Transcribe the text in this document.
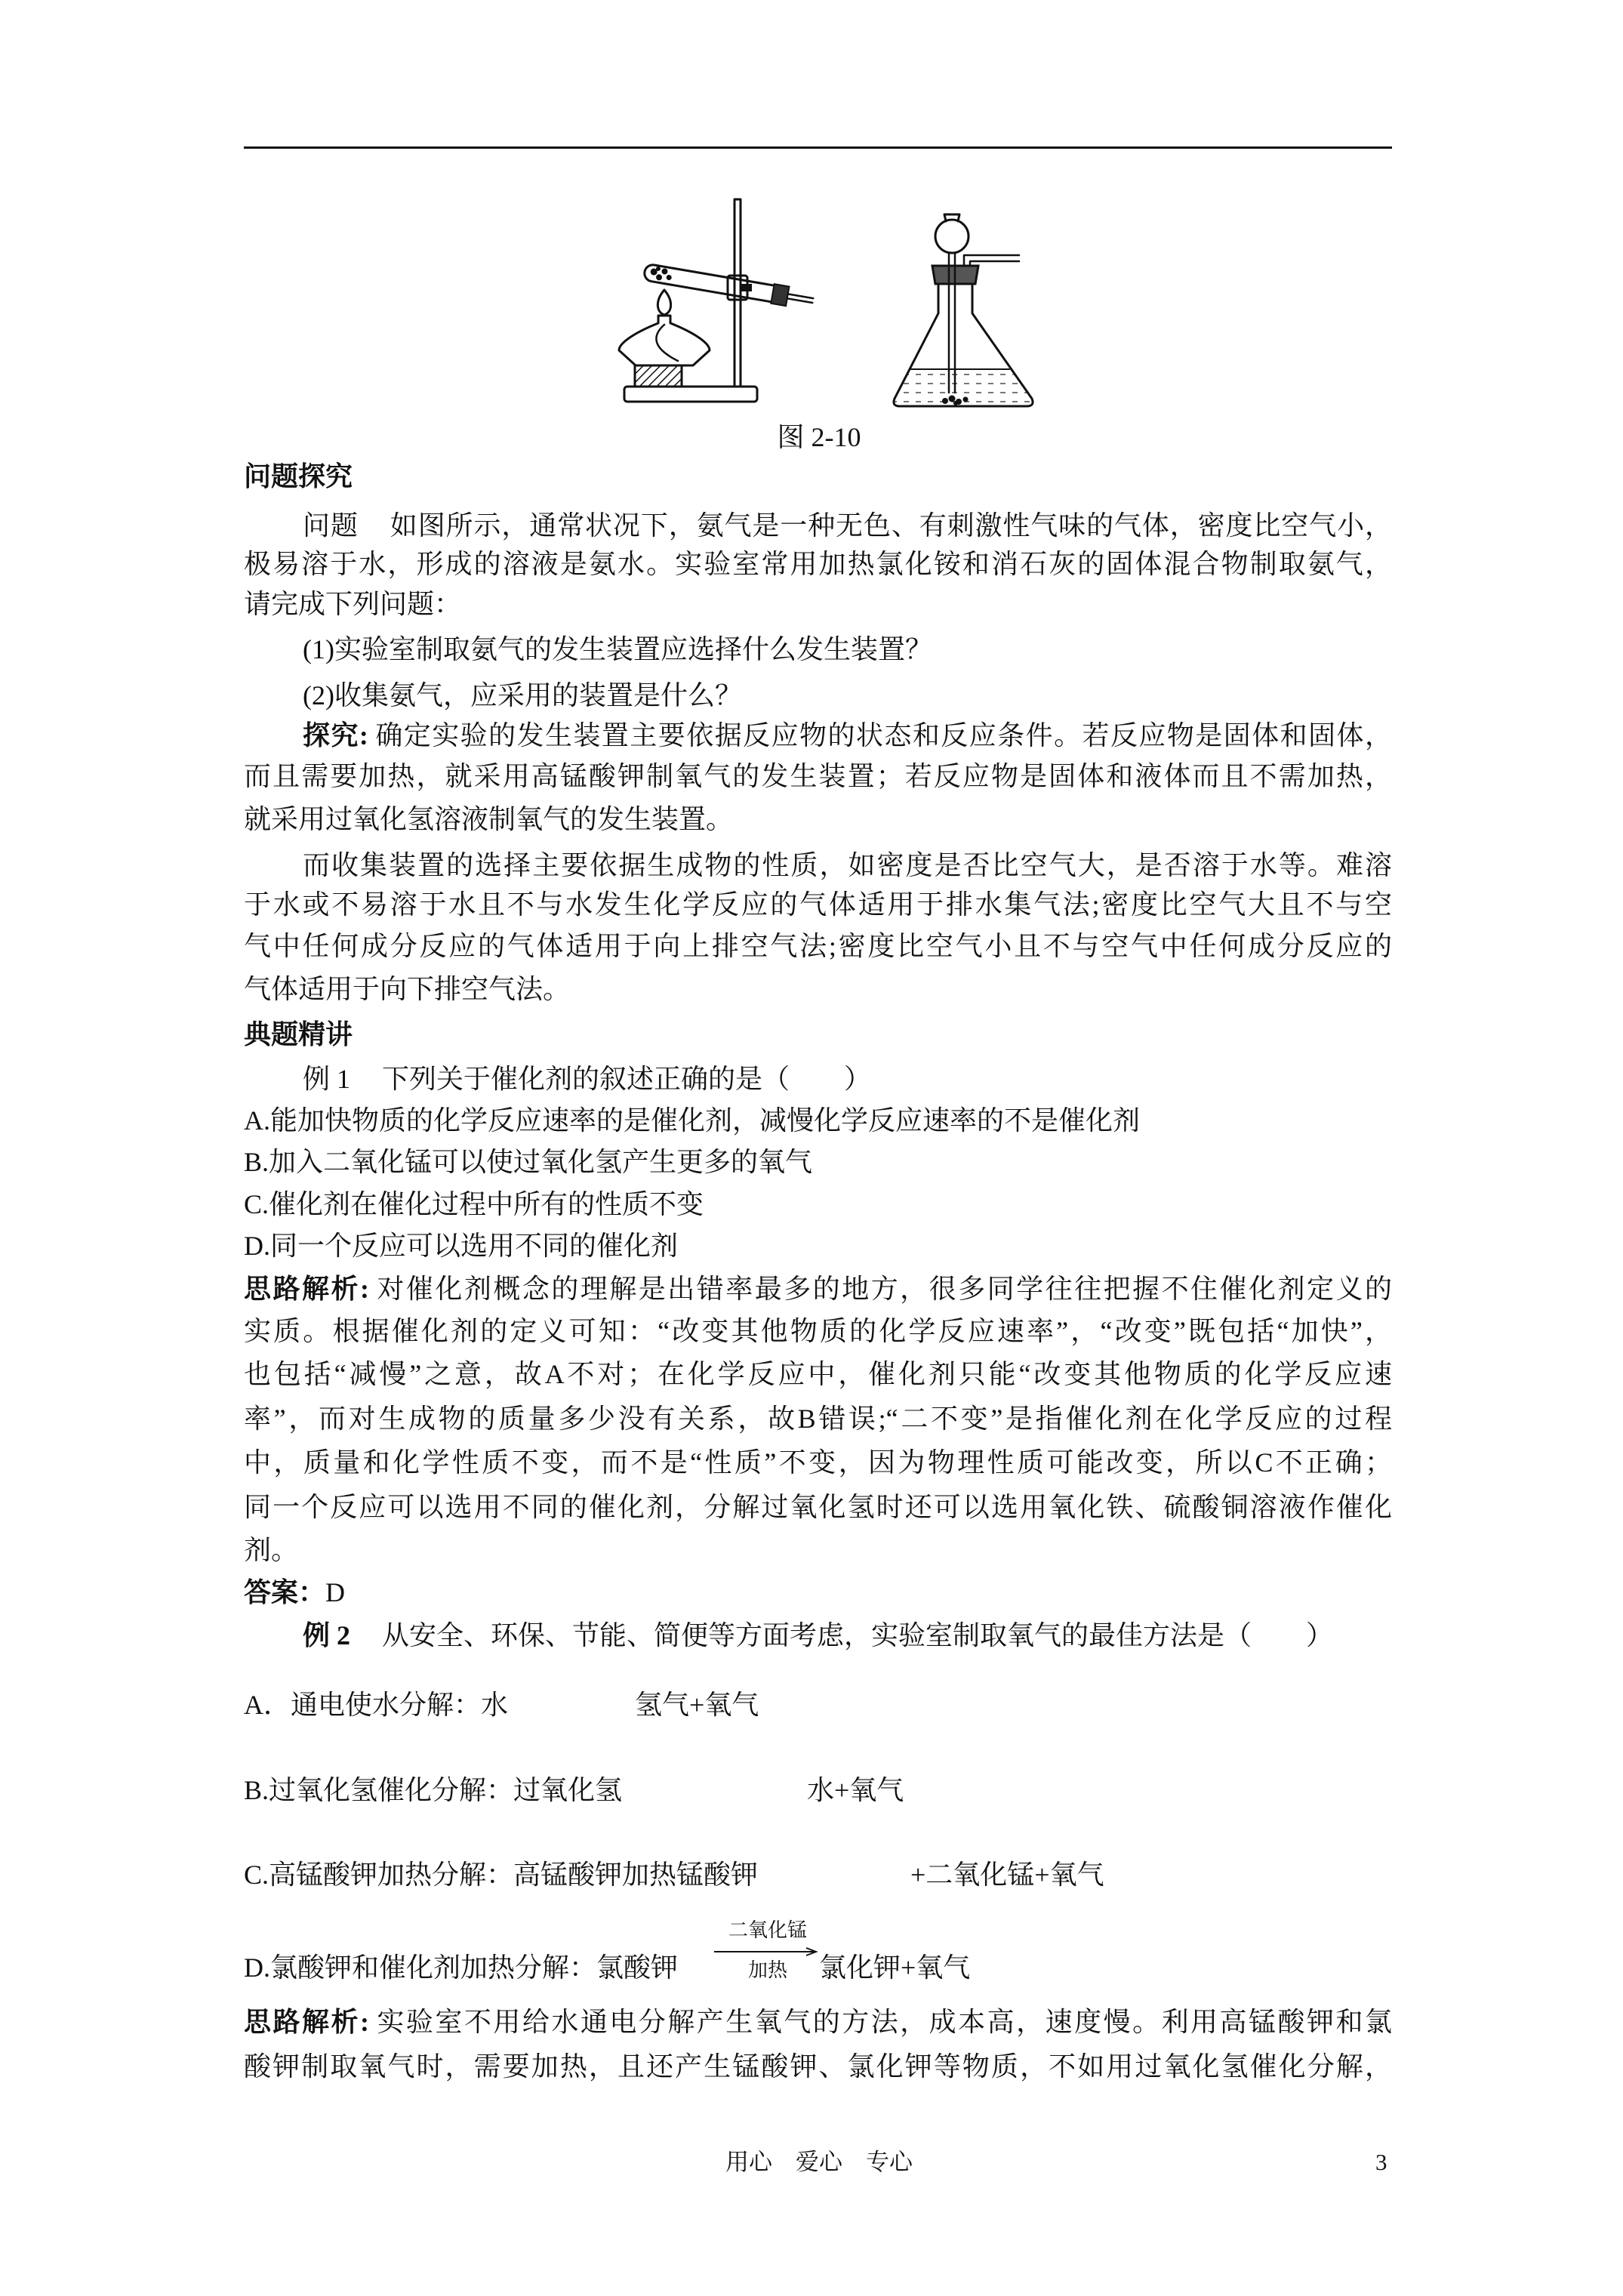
图 2-10
问题探究
问题 如图所示，通常状况下，氨气是一种无色、有刺激性气味的气体，密度比空气小，
极易溶于水，形成的溶液是氨水。实验室常用加热氯化铵和消石灰的固体混合物制取氨气，
请完成下列问题：
(1)实验室制取氨气的发生装置应选择什么发生装置？
(2)收集氨气，应采用的装置是什么？
探究: 确定实验的发生装置主要依据反应物的状态和反应条件。若反应物是固体和固体，
而且需要加热，就采用高锰酸钾制氧气的发生装置；若反应物是固体和液体而且不需加热，
就采用过氧化氢溶液制氧气的发生装置。
而收集装置的选择主要依据生成物的性质，如密度是否比空气大，是否溶于水等。难溶
于水或不易溶于水且不与水发生化学反应的气体适用于排水集气法;密度比空气大且不与空
气中任何成分反应的气体适用于向上排空气法;密度比空气小且不与空气中任何成分反应的
气体适用于向下排空气法。
典题精讲
例 1 下列关于催化剂的叙述正确的是（　　）
A.能加快物质的化学反应速率的是催化剂，减慢化学反应速率的不是催化剂
B.加入二氧化锰可以使过氧化氢产生更多的氧气
C.催化剂在催化过程中所有的性质不变
D.同一个反应可以选用不同的催化剂
思路解析: 对催化剂概念的理解是出错率最多的地方，很多同学往往把握不住催化剂定义的
实质。根据催化剂的定义可知：“改变其他物质的化学反应速率”，“改变”既包括“加快”，
也包括“减慢”之意，故A不对；在化学反应中，催化剂只能“改变其他物质的化学反应速
率”，而对生成物的质量多少没有关系，故B错误;“二不变”是指催化剂在化学反应的过程
中，质量和化学性质不变，而不是“性质”不变，因为物理性质可能改变，所以C不正确；
同一个反应可以选用不同的催化剂，分解过氧化氢时还可以选用氧化铁、硫酸铜溶液作催化
剂。
答案：D
例 2 从安全、环保、节能、简便等方面考虑，实验室制取氧气的最佳方法是（　　）
A．通电使水分解：水	氢气+氧气
B.过氧化氢催化分解：过氧化氢	水+氧气
C.高锰酸钾加热分解：高锰酸钾加热锰酸钾	+二氧化锰+氧气
二氧化锰
加热
D.氯酸钾和催化剂加热分解：氯酸钾	氯化钾+氧气
思路解析: 实验室不用给水通电分解产生氧气的方法，成本高，速度慢。利用高锰酸钾和氯
酸钾制取氧气时，需要加热，且还产生锰酸钾、氯化钾等物质，不如用过氧化氢催化分解，
用心　爱心　专心	3
